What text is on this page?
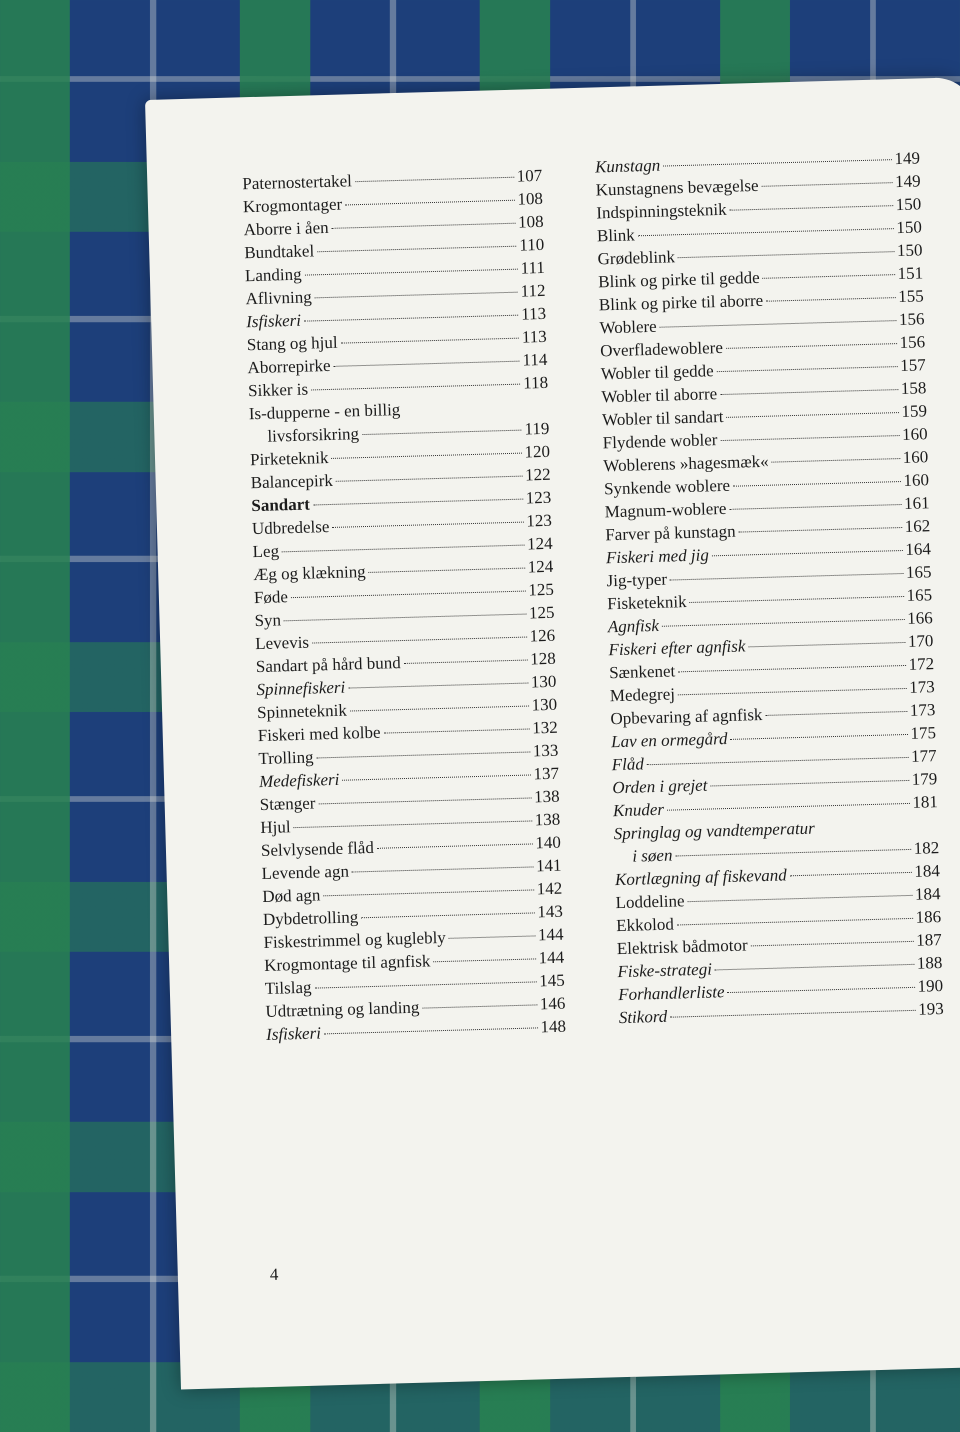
Paternostertakel	107
Krogmontager	108
Aborre i åen	108
Bundtakel	110
Landing	111
Aflivning	112
Isfiskeri	113
Stang og hjul	113
Aborrepirke	114
Sikker is	118
Is-dupperne - en billig
livsforsikring	119
Pirketeknik	120
Balancepirk	122
Sandart	123
Udbredelse	123
Leg	124
Æg og klækning	124
Føde	125
Syn	125
Levevis	126
Sandart på hård bund	128
Spinnefiskeri	130
Spinneteknik	130
Fiskeri med kolbe	132
Trolling	133
Medefiskeri	137
Stænger	138
Hjul	138
Selvlysende flåd	140
Levende agn	141
Død agn	142
Dybdetrolling	143
Fiskestrimmel og kuglebly	144
Krogmontage til agnfisk	144
Tilslag	145
Udtrætning og landing	146
Isfiskeri	148
Kunstagn	149
Kunstagnens bevægelse	149
Indspinningsteknik	150
Blink	150
Grødeblink	150
Blink og pirke til gedde	151
Blink og pirke til aborre	155
Woblere	156
Overfladewoblere	156
Wobler til gedde	157
Wobler til aborre	158
Wobler til sandart	159
Flydende wobler	160
Woblerens »hagesmæk«	160
Synkende woblere	160
Magnum-woblere	161
Farver på kunstagn	162
Fiskeri med jig	164
Jig-typer	165
Fisketeknik	165
Agnfisk	166
Fiskeri efter agnfisk	170
Sænkenet	172
Medegrej	173
Opbevaring af agnfisk	173
Lav en ormegård	175
Flåd	177
Orden i grejet	179
Knuder	181
Springlag og vandtemperatur
i søen	182
Kortlægning af fiskevand	184
Loddeline	184
Ekkolod	186
Elektrisk bådmotor	187
Fiske-strategi	188
Forhandlerliste	190
Stikord	193
4
